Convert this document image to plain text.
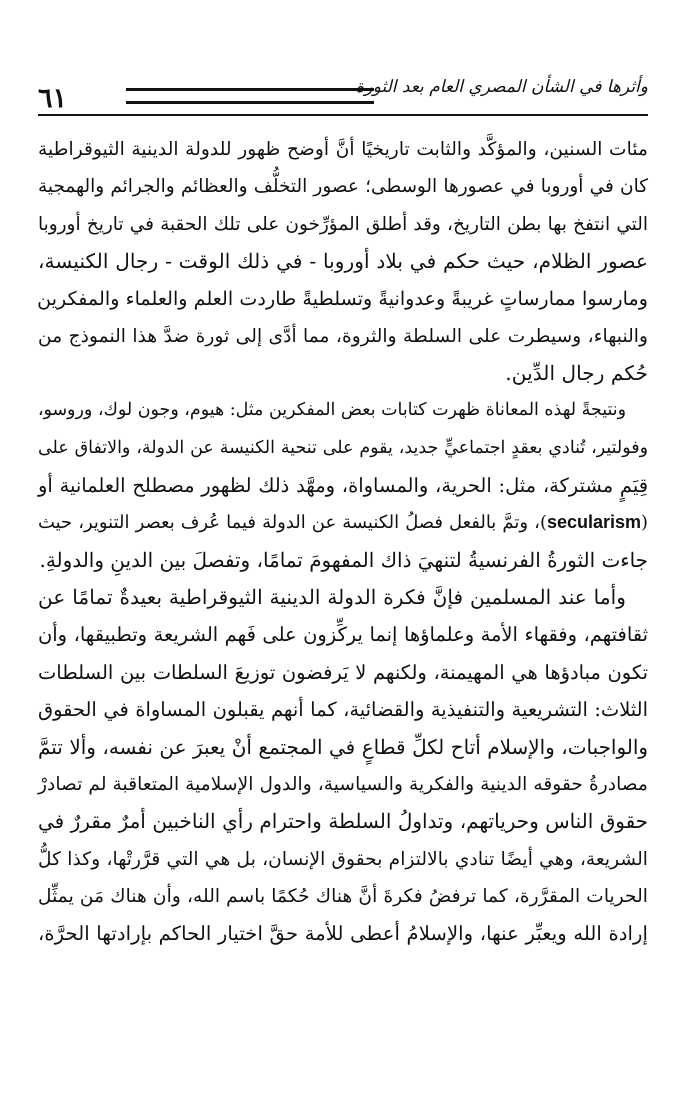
٦١	وأثرها في الشأن المصري العام بعد الثورة

مئات السنين، والمؤكَّد والثابت تاريخيًا أنَّ أوضح ظهور للدولة الدينية الثيوقراطية
كان في أوروبا في عصورها الوسطى؛ عصور التخلُّف والعظائم والجرائم والهمجية
التي انتفخ بها بطن التاريخ، وقد أطلق المؤرِّخون على تلك الحقبة في تاريخ أوروبا
عصور الظلام، حيث حكم في بلاد أوروبا - في ذلك الوقت - رجال الكنيسة،
ومارسوا ممارساتٍ غريبةً وعدوانيةً وتسلطيةً طاردت العلم والعلماء والمفكرين
والنبهاء، وسيطرت على السلطة والثروة، مما أدَّى إلى ثورة ضدَّ هذا النموذج من
حُكم رجال الدِّين.

ونتيجةً لهذه المعاناة ظهرت كتابات بعض المفكرين مثل: هيوم، وجون لوك، وروسو،
وفولتير، تُنادي بعقدٍ اجتماعيٍّ جديد، يقوم على تنحية الكنيسة عن الدولة، والاتفاق على
قِيَمٍ مشتركة، مثل: الحرية، والمساواة، ومهَّد ذلك لظهور مصطلح العلمانية أو
(secularism)، وتمَّ بالفعل فصلُ الكنيسة عن الدولة فيما عُرف بعصر التنوير، حيث
جاءت الثورةُ الفرنسيةُ لتنهيَ ذاك المفهومَ تمامًا، وتفصلَ بين الدينِ والدولةِ.

وأما عند المسلمين فإنَّ فكرة الدولة الدينية الثيوقراطية بعيدةٌ تمامًا عن
ثقافتهم، وفقهاء الأمة وعلماؤها إنما يركِّزون على فَهم الشريعة وتطبيقها، وأن
تكون مبادؤها هي المهيمنة، ولكنهم لا يَرفضون توزيعَ السلطات بين السلطات
الثلاث: التشريعية والتنفيذية والقضائية، كما أنهم يقبلون المساواة في الحقوق
والواجبات، والإسلام أتاح لكلِّ قطاعٍ في المجتمع أنْ يعبرَ عن نفسه، وألا تتمَّ
مصادرةُ حقوقه الدينية والفكرية والسياسية، والدول الإسلامية المتعاقبة لم تصادرْ
حقوق الناس وحرياتهم، وتداولُ السلطة واحترام رأي الناخبين أمرٌ مقررٌ في
الشريعة، وهي أيضًا تنادي بالالتزام بحقوق الإنسان، بل هي التي قرَّرتْها، وكذا كلُّ
الحريات المقرَّرة، كما ترفضُ فكرةَ أنَّ هناك حُكمًا باسم الله، وأن هناك مَن يمثِّل
إرادة الله ويعبِّر عنها، والإسلامُ أعطى للأمة حقَّ اختيار الحاكم بإرادتها الحرَّة،
